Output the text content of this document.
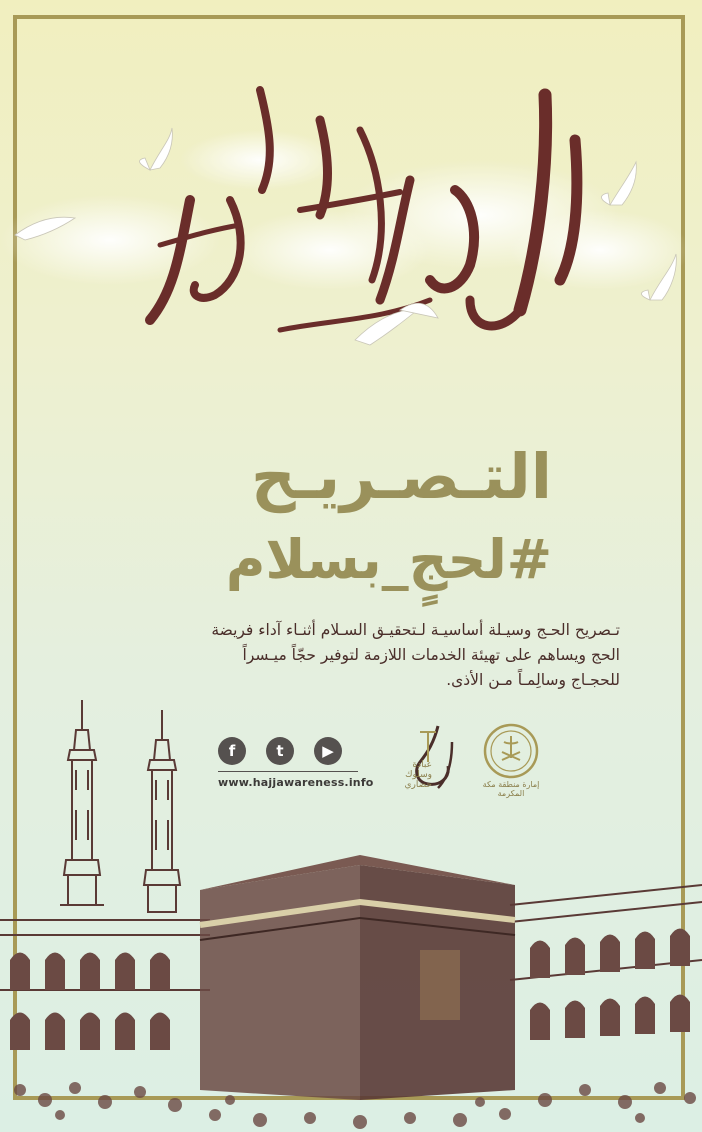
التـصـريـح
#لحجٍ_بسلام

تـصريح الحـج وسيـلة أساسيـة لـتحقيـق السـلام أثنـاء آداء فريضة الحج ويساهم على تهيئة الخدمات اللازمة لتوفير حجّاً ميـسراً للحجـاج وسالِمـاً مـن الأذى.

f	t	▶
www.hajjawareness.info
عبادة وسلوك حضاري	إمارة منطقة مكة المكرمة
